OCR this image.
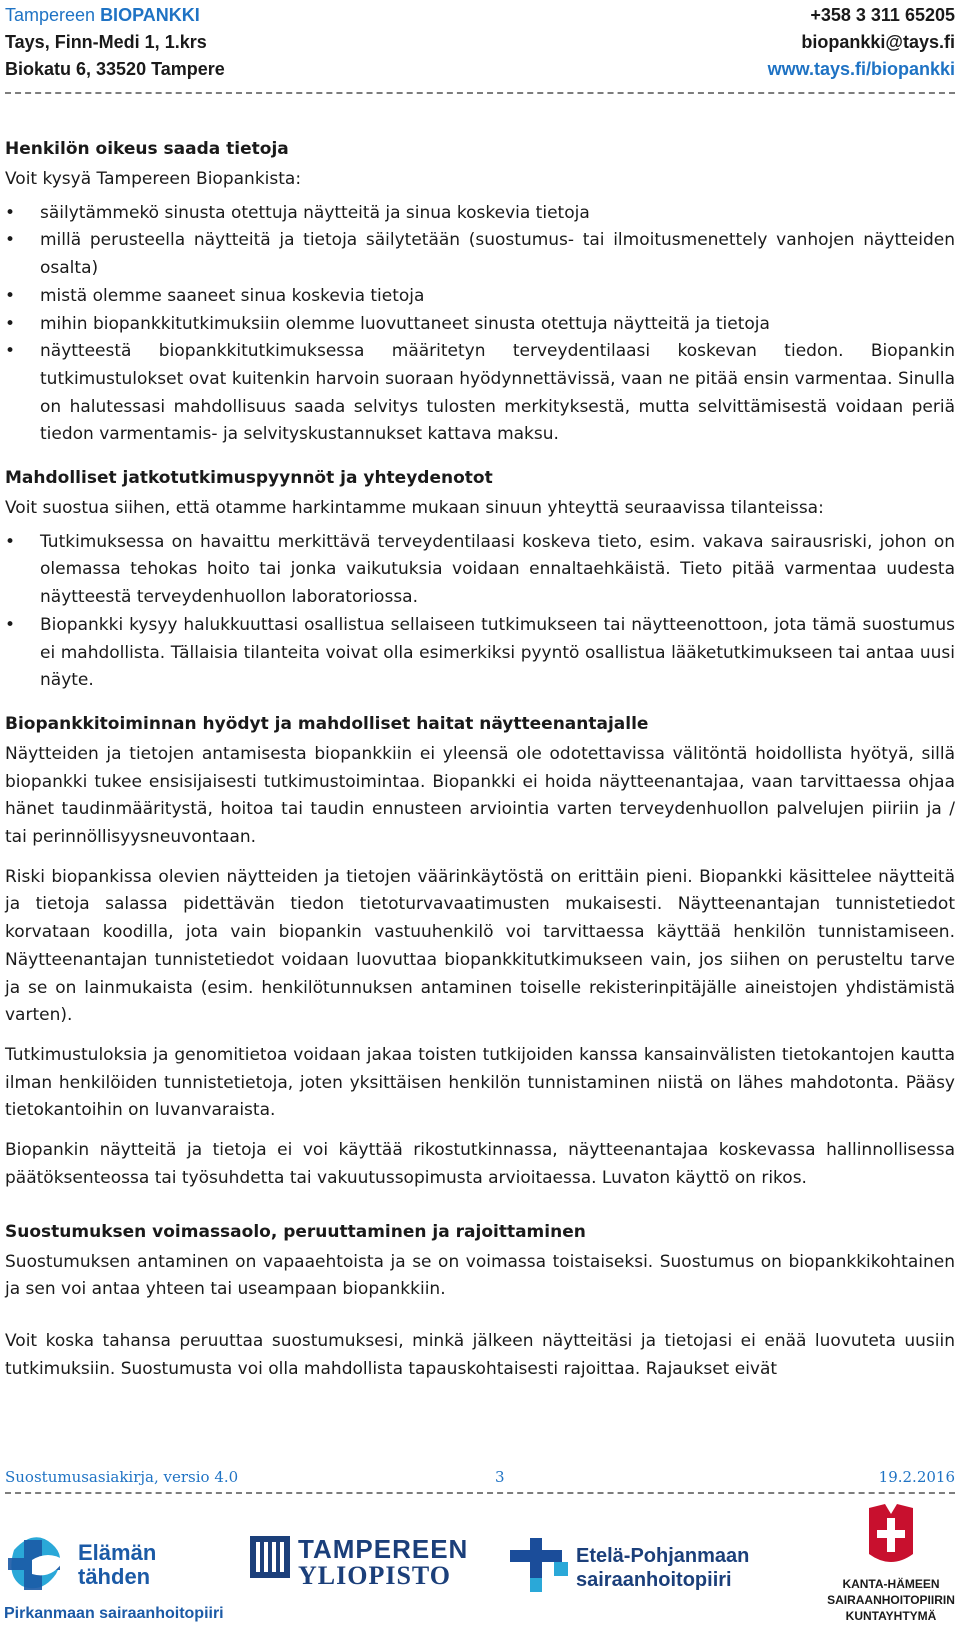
Tampereen BIOPANKKI
Tays, Finn-Medi 1, 1.krs
Biokatu 6, 33520 Tampere
+358 3 311 65205
biopankki@tays.fi
www.tays.fi/biopankki
Henkilön oikeus saada tietoja

Voit kysyä Tampereen Biopankista:

• säilytämmekö sinusta otettuja näytteitä ja sinua koskevia tietoja
• millä perusteella näytteitä ja tietoja säilytetään (suostumus- tai ilmoitusmenettely vanhojen näytteiden osalta)
• mistä olemme saaneet sinua koskevia tietoja
• mihin biopankkitutkimuksiin olemme luovuttaneet sinusta otettuja näytteitä ja tietoja
• näytteestä biopankkitutkimuksessa määritetyn terveydentilaasi koskevan tiedon. Biopankin tutkimustulokset ovat kuitenkin harvoin suoraan hyödynnettävissä, vaan ne pitää ensin varmentaa. Sinulla on halutessasi mahdollisuus saada selvitys tulosten merkityksestä, mutta selvittämisestä voidaan periä tiedon varmentamis- ja selvityskustannukset kattava maksu.
Mahdolliset jatkotutkimuspyynnöt ja yhteydenotot

Voit suostua siihen, että otamme harkintamme mukaan sinuun yhteyttä seuraavissa tilanteissa:

• Tutkimuksessa on havaittu merkittävä terveydentilaasi koskeva tieto, esim. vakava sairausriski, johon on olemassa tehokas hoito tai jonka vaikutuksia voidaan ennaltaehkäistä. Tieto pitää varmentaa uudesta näytteestä terveydenhuollon laboratoriossa.
• Biopankki kysyy halukkuuttasi osallistua sellaiseen tutkimukseen tai näytteenottoon, jota tämä suostumus ei mahdollista. Tällaisia tilanteita voivat olla esimerkiksi pyyntö osallistua lääketutkimukseen tai antaa uusi näyte.
Biopankkitoiminnan hyödyt ja mahdolliset haitat näytteenantajalle

Näytteiden ja tietojen antamisesta biopankkiin ei yleensä ole odotettavissa välitöntä hoidollista hyötyä, sillä biopankki tukee ensisijaisesti tutkimustoimintaa. Biopankki ei hoida näytteenantajaa, vaan tarvittaessa ohjaa hänet taudinmääritystä, hoitoa tai taudin ennusteen arviointia varten terveydenhuollon palvelujen piiriin ja / tai perinnöllisyysneuvontaan.

Riski biopankissa olevien näytteiden ja tietojen väärinkäytöstä on erittäin pieni. Biopankki käsittelee näytteitä ja tietoja salassa pidettävän tiedon tietoturvavaatimusten mukaisesti. Näytteenantajan tunnistetiedot korvataan koodilla, jota vain biopankin vastuuhenkilö voi tarvittaessa käyttää henkilön tunnistamiseen. Näytteenantajan tunnistetiedot voidaan luovuttaa biopankkitutkimukseen vain, jos siihen on perusteltu tarve ja se on lainmukaista (esim. henkilötunnuksen antaminen toiselle rekisterinpitäjälle aineistojen yhdistämistä varten).

Tutkimustuloksia ja genomitietoa voidaan jakaa toisten tutkijoiden kanssa kansainvälisten tietokantojen kautta ilman henkilöiden tunnistetietoja, joten yksittäisen henkilön tunnistaminen niistä on lähes mahdotonta. Pääsy tietokantoihin on luvanvaraista.

Biopankin näytteitä ja tietoja ei voi käyttää rikostutkinnassa, näytteenantajaa koskevassa hallinnollisessa päätöksenteossa tai työsuhdetta tai vakuutussopimusta arvioitaessa. Luvaton käyttö on rikos.

Suostumuksen voimassaolo, peruuttaminen ja rajoittaminen

Suostumuksen antaminen on vapaaehtoista ja se on voimassa toistaiseksi. Suostumus on biopankkikohtainen ja sen voi antaa yhteen tai useampaan biopankkiin.

Voit koska tahansa peruuttaa suostumuksesi, minkä jälkeen näytteitäsi ja tietojasi ei enää luovuteta uusiin tutkimuksiin. Suostumusta voi olla mahdollista tapauskohtaisesti rajoittaa. Rajaukset eivät

Suostumusasiakirja, versio 4.0	3	19.2.2016
Elämän
tähden
Pirkanmaan sairaanhoitopiiri
TAMPEREEN
YLIOPISTO
Etelä-Pohjanmaan
sairaanhoitopiiri	KANTA-HÄMEEN
SAIRAANHOITOPIIRIN
KUNTAYHTYMÄ
